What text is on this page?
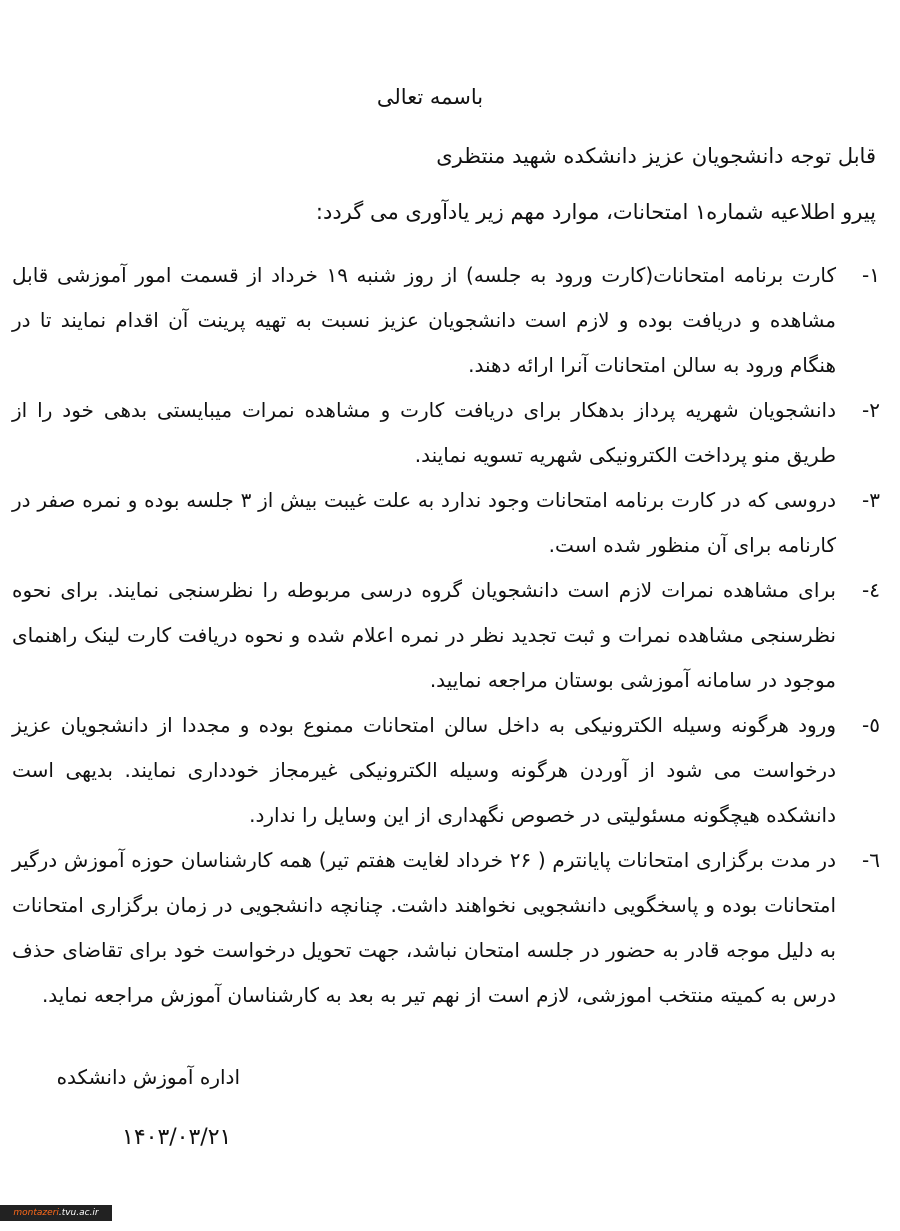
باسمه تعالی
قابل توجه دانشجویان عزیز دانشکده شهید منتظری
پیرو اطلاعیه شماره۱ امتحانات، موارد مهم زیر یادآوری می گردد:
۱-
کارت برنامه امتحانات(کارت ورود به جلسه) از روز شنبه ۱۹ خرداد از قسمت امور آموزشی قابل مشاهده و دریافت بوده و لازم است دانشجویان عزیز نسبت به تهیه پرینت آن اقدام نمایند تا در هنگام ورود به سالن امتحانات آنرا ارائه دهند.
۲-
دانشجویان شهریه پرداز بدهکار برای دریافت کارت و مشاهده نمرات میبایستی بدهی خود را از طریق منو پرداخت الکترونیکی شهریه تسویه نمایند.
۳-
دروسی که در کارت برنامه امتحانات وجود ندارد به علت غیبت بیش از ۳ جلسه بوده و نمره صفر در کارنامه برای آن منظور شده است.
٤-
برای مشاهده نمرات لازم است دانشجویان گروه درسی مربوطه را نظرسنجی نمایند. برای نحوه نظرسنجی مشاهده نمرات و ثبت تجدید نظر در نمره اعلام شده و نحوه دریافت کارت لینک راهنمای موجود در سامانه آموزشی بوستان مراجعه نمایید.
٥-
ورود هرگونه وسیله الکترونیکی به داخل سالن امتحانات ممنوع بوده و مجددا از دانشجویان عزیز درخواست می شود از آوردن هرگونه وسیله الکترونیکی غیرمجاز خودداری نمایند. بدیهی است دانشکده هیچگونه مسئولیتی در خصوص نگهداری از این وسایل را ندارد.
٦-
در مدت برگزاری امتحانات پایانترم ( ۲۶ خرداد لغایت هفتم تیر) همه کارشناسان حوزه آموزش درگیر امتحانات بوده و پاسخگویی دانشجویی نخواهند داشت. چنانچه دانشجویی در زمان برگزاری امتحانات به دلیل موجه قادر به حضور در جلسه امتحان نباشد، جهت تحویل درخواست خود برای تقاضای حذف درس به کمیته منتخب اموزشی، لازم است از نهم تیر به بعد به کارشناسان آموزش مراجعه نماید.
اداره آموزش دانشکده
۱۴۰۳/۰۳/۲۱
montazeri.tvu.ac.ir
